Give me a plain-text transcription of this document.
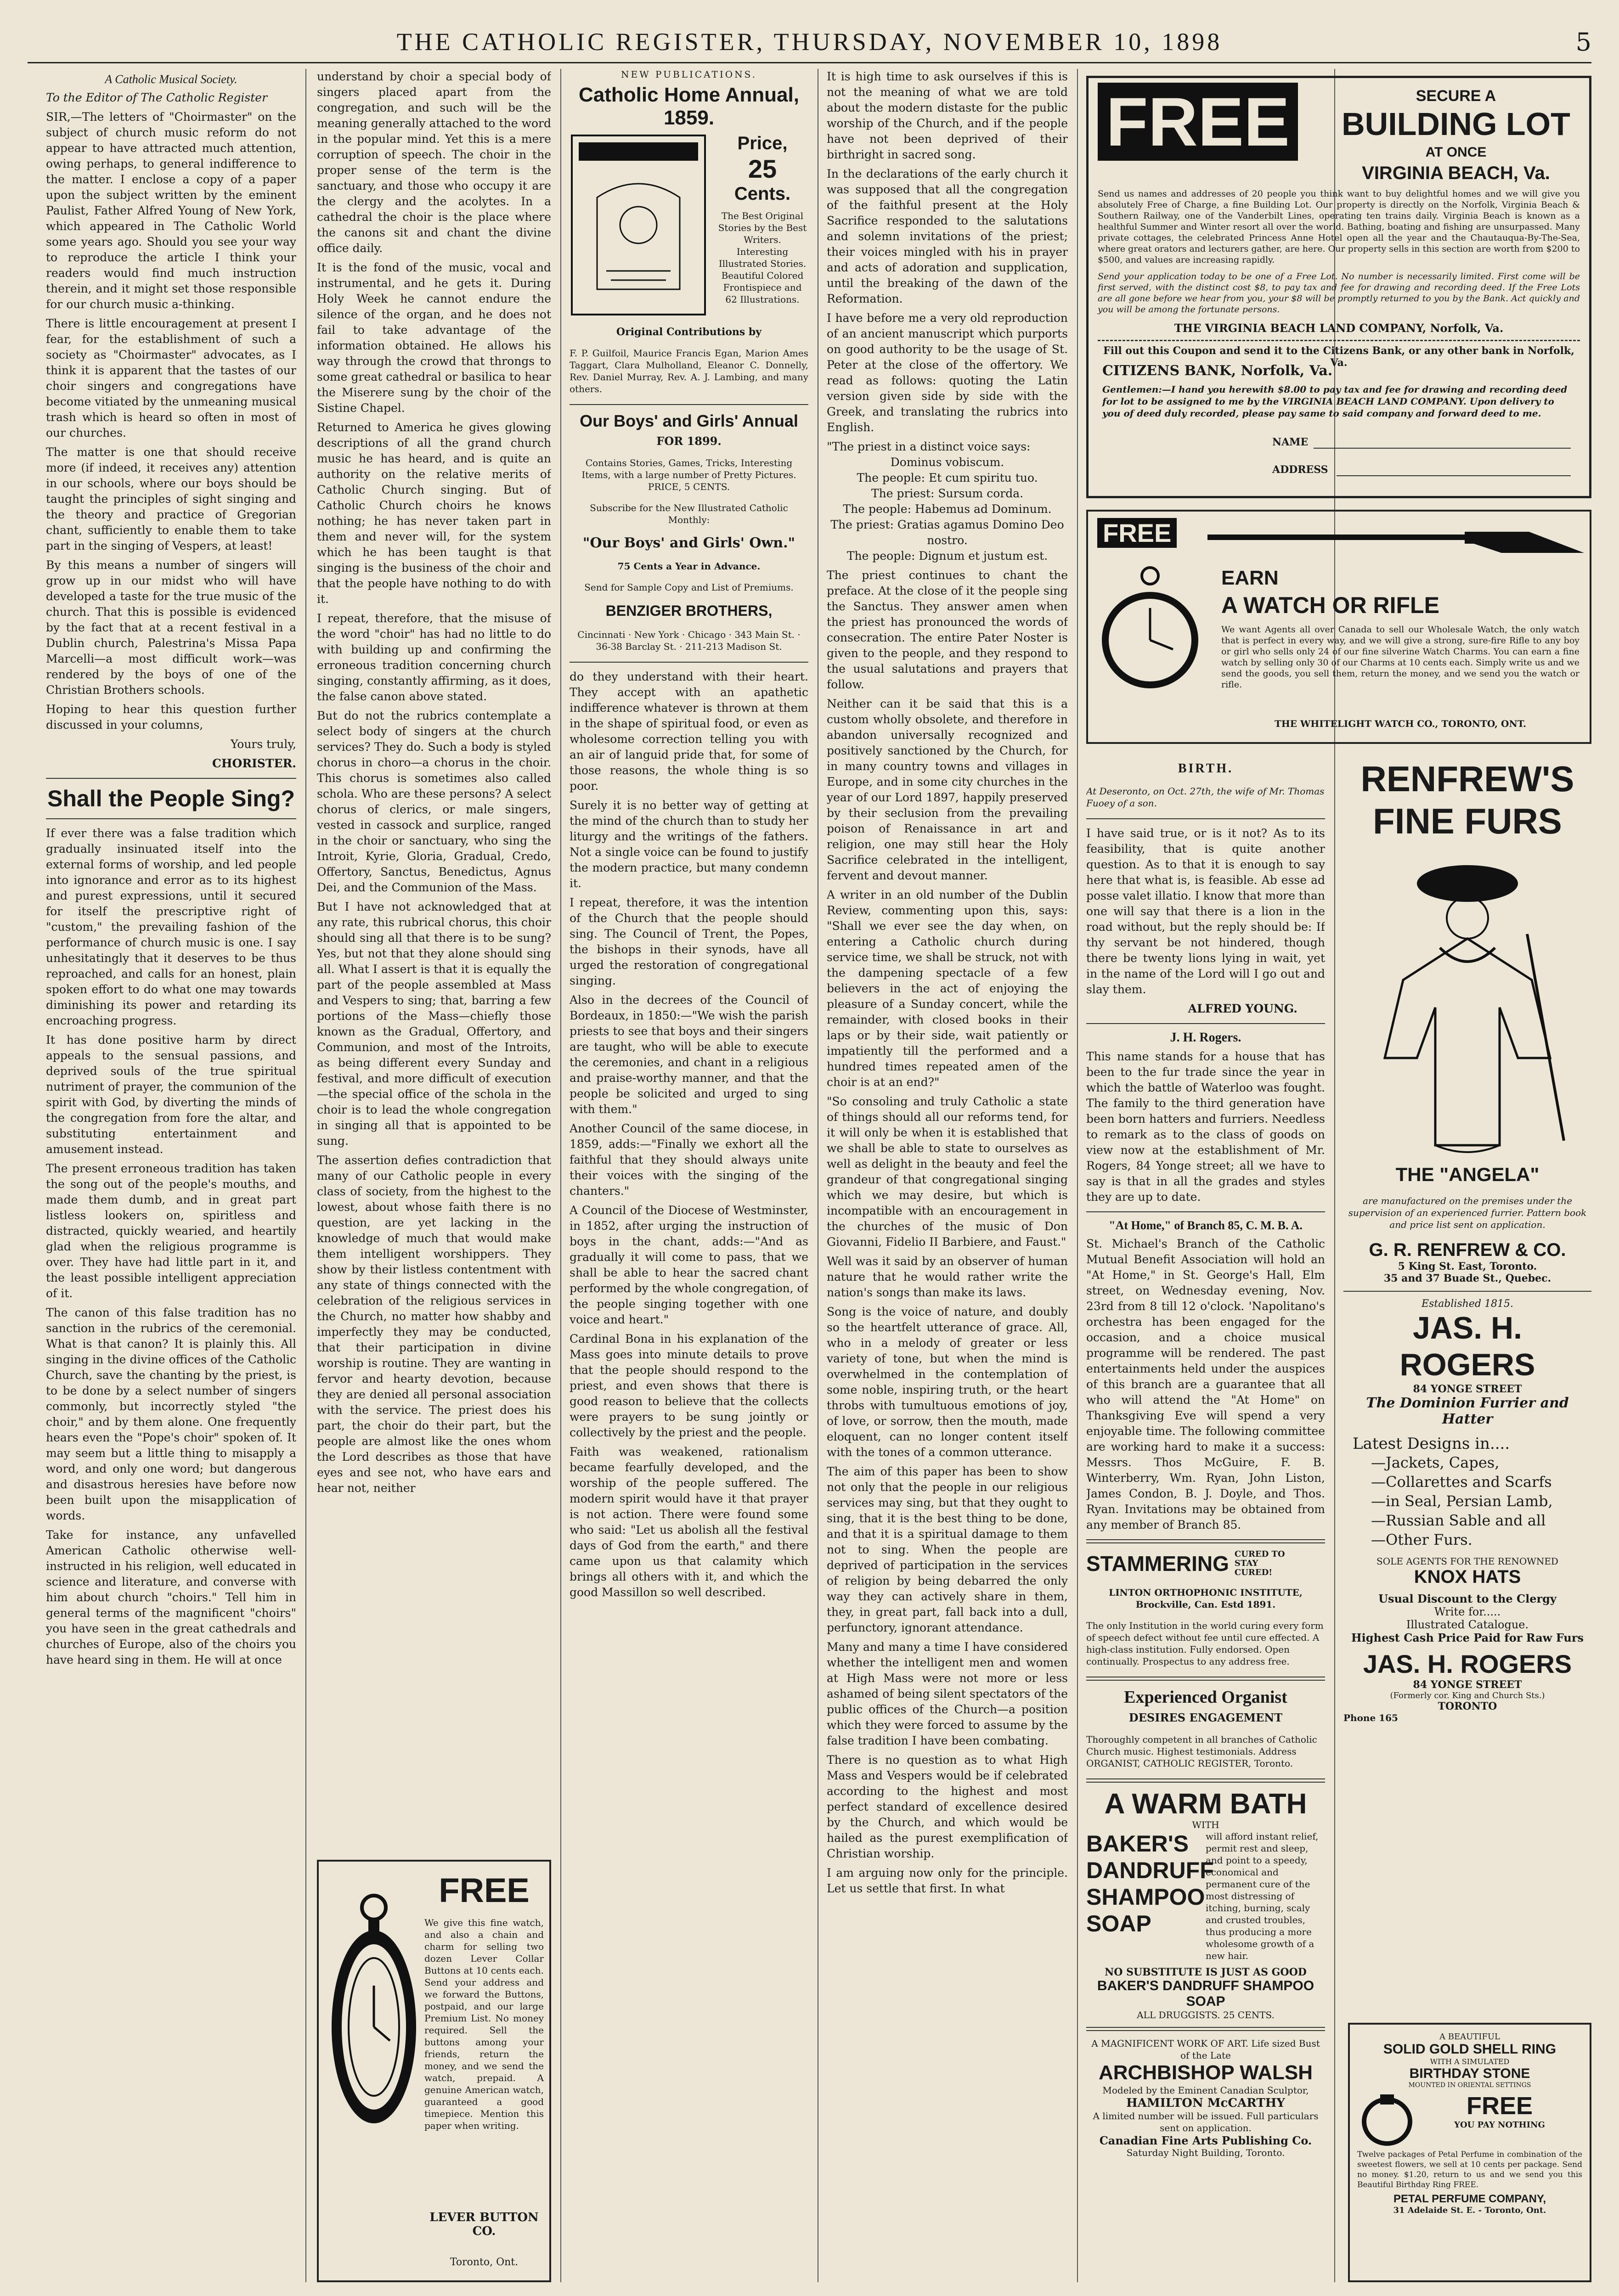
THE CATHOLIC REGISTER, THURSDAY, NOVEMBER 10, 1898	5
A Catholic Musical Society.

To the Editor of The Catholic Register

SIR,—The letters of "Choirmaster" on the subject of church music reform do not appear to have attracted much attention, owing perhaps, to general indifference to the matter. I enclose a copy of a paper upon the subject written by the eminent Paulist, Father Alfred Young of New York, which appeared in The Catholic World some years ago. Should you see your way to reproduce the article I think your readers would find much instruction therein, and it might set those responsible for our church music a-thinking.

There is little encouragement at present I fear, for the establishment of such a society as "Choirmaster" advocates, as I think it is apparent that the tastes of our choir singers and congregations have become vitiated by the unmeaning musical trash which is heard so often in most of our churches.

The matter is one that should receive more (if indeed, it receives any) attention in our schools, where our boys should be taught the principles of sight singing and the theory and practice of Gregorian chant, sufficiently to enable them to take part in the singing of Vespers, at least!

By this means a number of singers will grow up in our midst who will have developed a taste for the true music of the church. That this is possible is evidenced by the fact that at a recent festival in a Dublin church, Palestrina's Missa Papa Marcelli—a most difficult work—was rendered by the boys of one of the Christian Brothers schools.

Hoping to hear this question further discussed in your columns,

Yours truly,

CHORISTER.

Shall the People Sing?

If ever there was a false tradition which gradually insinuated itself into the external forms of worship, and led people into ignorance and error as to its highest and purest expressions, until it secured for itself the prescriptive right of "custom," the prevailing fashion of the performance of church music is one. I say unhesitatingly that it deserves to be thus reproached, and calls for an honest, plain spoken effort to do what one may towards diminishing its power and retarding its encroaching progress.

It has done positive harm by direct appeals to the sensual passions, and deprived souls of the true spiritual nutriment of prayer, the communion of the spirit with God, by diverting the minds of the congregation from fore the altar, and substituting entertainment and amusement instead.

The present erroneous tradition has taken the song out of the people's mouths, and made them dumb, and in great part listless lookers on, spiritless and distracted, quickly wearied, and heartily glad when the religious programme is over. They have had little part in it, and the least possible intelligent appreciation of it.

The canon of this false tradition has no sanction in the rubrics of the ceremonial. What is that canon? It is plainly this. All singing in the divine offices of the Catholic Church, save the chanting by the priest, is to be done by a select number of singers commonly, but incorrectly styled "the choir," and by them alone. One frequently hears even the "Pope's choir" spoken of. It may seem but a little thing to misapply a word, and only one word; but dangerous and disastrous heresies have before now been built upon the misapplication of words.

Take for instance, any unfavelled American Catholic otherwise well-instructed in his religion, well educated in science and literature, and converse with him about church "choirs." Tell him in general terms of the magnificent "choirs" you have seen in the great cathedrals and churches of Europe, also of the choirs you have heard sing in them. He will at once

understand by choir a special body of singers placed apart from the congregation, and such will be the meaning generally attached to the word in the popular mind. Yet this is a mere corruption of speech. The choir in the proper sense of the term is the sanctuary, and those who occupy it are the clergy and the acolytes. In a cathedral the choir is the place where the canons sit and chant the divine office daily.

It is the fond of the music, vocal and instrumental, and he gets it. During Holy Week he cannot endure the silence of the organ, and he does not fail to take advantage of the information obtained. He allows his way through the crowd that throngs to some great cathedral or basilica to hear the Miserere sung by the choir of the Sistine Chapel.

Returned to America he gives glowing descriptions of all the grand church music he has heard, and is quite an authority on the relative merits of Catholic Church singing. But of Catholic Church choirs he knows nothing; he has never taken part in them and never will, for the system which he has been taught is that singing is the business of the choir and that the people have nothing to do with it.

I repeat, therefore, that the misuse of the word "choir" has had no little to do with building up and confirming the erroneous tradition concerning church singing, constantly affirming, as it does, the false canon above stated.

But do not the rubrics contemplate a select body of singers at the church services? They do. Such a body is styled chorus in choro—a chorus in the choir. This chorus is sometimes also called schola. Who are these persons? A select chorus of clerics, or male singers, vested in cassock and surplice, ranged in the choir or sanctuary, who sing the Introit, Kyrie, Gloria, Gradual, Credo, Offertory, Sanctus, Benedictus, Agnus Dei, and the Communion of the Mass.

But I have not acknowledged that at any rate, this rubrical chorus, this choir should sing all that there is to be sung? Yes, but not that they alone should sing all. What I assert is that it is equally the part of the people assembled at Mass and Vespers to sing; that, barring a few portions of the Mass—chiefly those known as the Gradual, Offertory, and Communion, and most of the Introits, as being different every Sunday and festival, and more difficult of execution—the special office of the schola in the choir is to lead the whole congregation in singing all that is appointed to be sung.

The assertion defies contradiction that many of our Catholic people in every class of society, from the highest to the lowest, about whose faith there is no question, are yet lacking in the knowledge of much that would make them intelligent worshippers. They show by their listless contentment with any state of things connected with the celebration of the religious services in the Church, no matter how shabby and imperfectly they may be conducted, that their participation in divine worship is routine. They are wanting in fervor and hearty devotion, because they are denied all personal association with the service. The priest does his part, the choir do their part, but the people are almost like the ones whom the Lord describes as those that have eyes and see not, who have ears and hear not, neither

FREE

We give this fine watch, and also a chain and charm for selling two dozen Lever Collar Buttons at 10 cents each. Send your address and we forward the Buttons, postpaid, and our large Premium List. No money required. Sell the buttons among your friends, return the money, and we send the watch, prepaid. A genuine American watch, guaranteed a good timepiece. Mention this paper when writing.

LEVER BUTTON CO.
Toronto, Ont.
NEW PUBLICATIONS.
Catholic Home Annual, 1859.
Price,
25
Cents.

The Best Original Stories by the Best Writers. Interesting Illustrated Stories. Beautiful Colored Frontispiece and 62 Illustrations.

Original Contributions by

F. P. Guilfoil, Maurice Francis Egan, Marion Ames Taggart, Clara Mulholland, Eleanor C. Donnelly, Rev. Daniel Murray, Rev. A. J. Lambing, and many others.

Our Boys' and Girls' Annual
FOR 1899.

Contains Stories, Games, Tricks, Interesting Items, with a large number of Pretty Pictures. PRICE, 5 CENTS.

Subscribe for the New Illustrated Catholic Monthly:

"Our Boys' and Girls' Own."

75 Cents a Year in Advance.

Send for Sample Copy and List of Premiums.

BENZIGER BROTHERS,

Cincinnati · New York · Chicago · 343 Main St. · 36-38 Barclay St. · 211-213 Madison St.

do they understand with their heart. They accept with an apathetic indifference whatever is thrown at them in the shape of spiritual food, or even as wholesome correction telling you with an air of languid pride that, for some of those reasons, the whole thing is so poor.

Surely it is no better way of getting at the mind of the church than to study her liturgy and the writings of the fathers. Not a single voice can be found to justify the modern practice, but many condemn it.

I repeat, therefore, it was the intention of the Church that the people should sing. The Council of Trent, the Popes, the bishops in their synods, have all urged the restoration of congregational singing.

Also in the decrees of the Council of Bordeaux, in 1850:—"We wish the parish priests to see that boys and their singers are taught, who will be able to execute the ceremonies, and chant in a religious and praise-worthy manner, and that the people be solicited and urged to sing with them."

Another Council of the same diocese, in 1859, adds:—"Finally we exhort all the faithful that they should always unite their voices with the singing of the chanters."

A Council of the Diocese of Westminster, in 1852, after urging the instruction of boys in the chant, adds:—"And as gradually it will come to pass, that we shall be able to hear the sacred chant performed by the whole congregation, of the people singing together with one voice and heart."

Cardinal Bona in his explanation of the Mass goes into minute details to prove that the people should respond to the priest, and even shows that there is good reason to believe that the collects were prayers to be sung jointly or collectively by the priest and the people.

Faith was weakened, rationalism became fearfully developed, and the worship of the people suffered. The modern spirit would have it that prayer is not action. There were found some who said: "Let us abolish all the festival days of God from the earth," and there came upon us that calamity which brings all others with it, and which the good Massillon so well described.

It is high time to ask ourselves if this is not the meaning of what we are told about the modern distaste for the public worship of the Church, and if the people have not been deprived of their birthright in sacred song.

In the declarations of the early church it was supposed that all the congregation of the faithful present at the Holy Sacrifice responded to the salutations and solemn invitations of the priest; their voices mingled with his in prayer and acts of adoration and supplication, until the breaking of the dawn of the Reformation.

I have before me a very old reproduction of an ancient manuscript which purports on good authority to be the usage of St. Peter at the close of the offertory. We read as follows: quoting the Latin version given side by side with the Greek, and translating the rubrics into English.

"The priest in a distinct voice says:

Dominus vobiscum.

The people: Et cum spiritu tuo.

The priest: Sursum corda.

The people: Habemus ad Dominum.

The priest: Gratias agamus Domino Deo nostro.

The people: Dignum et justum est.

The priest continues to chant the preface. At the close of it the people sing the Sanctus. They answer amen when the priest has pronounced the words of consecration. The entire Pater Noster is given to the people, and they respond to the usual salutations and prayers that follow.

Neither can it be said that this is a custom wholly obsolete, and therefore in abandon universally recognized and positively sanctioned by the Church, for in many country towns and villages in Europe, and in some city churches in the year of our Lord 1897, happily preserved by their seclusion from the prevailing poison of Renaissance in art and religion, one may still hear the Holy Sacrifice celebrated in the intelligent, fervent and devout manner.

A writer in an old number of the Dublin Review, commenting upon this, says: "Shall we ever see the day when, on entering a Catholic church during service time, we shall be struck, not with the dampening spectacle of a few believers in the act of enjoying the pleasure of a Sunday concert, while the remainder, with closed books in their laps or by their side, wait patiently or impatiently till the performed and a hundred times repeated amen of the choir is at an end?"

"So consoling and truly Catholic a state of things should all our reforms tend, for it will only be when it is established that we shall be able to state to ourselves as well as delight in the beauty and feel the grandeur of that congregational singing which we may desire, but which is incompatible with an encouragement in the churches of the music of Don Giovanni, Fidelio II Barbiere, and Faust."

Well was it said by an observer of human nature that he would rather write the nation's songs than make its laws.

Song is the voice of nature, and doubly so the heartfelt utterance of grace. All, who in a melody of greater or less variety of tone, but when the mind is overwhelmed in the contemplation of some noble, inspiring truth, or the heart throbs with tumultuous emotions of joy, of love, or sorrow, then the mouth, made eloquent, can no longer content itself with the tones of a common utterance.

The aim of this paper has been to show not only that the people in our religious services may sing, but that they ought to sing, that it is the best thing to be done, and that it is a spiritual damage to them not to sing. When the people are deprived of participation in the services of religion by being debarred the only way they can actively share in them, they, in great part, fall back into a dull, perfunctory, ignorant attendance.

Many and many a time I have considered whether the intelligent men and women at High Mass were not more or less ashamed of being silent spectators of the public offices of the Church—a position which they were forced to assume by the false tradition I have been combating.

There is no question as to what High Mass and Vespers would be if celebrated according to the highest and most perfect standard of excellence desired by the Church, and which would be hailed as the purest exemplification of Christian worship.

I am arguing now only for the principle. Let us settle that first. In what

FREE	SECURE A
BUILDING LOT
AT ONCE
VIRGINIA BEACH, Va.

Send us names and addresses of 20 people you think want to buy delightful homes and we will give you absolutely Free of Charge, a fine Building Lot. Our property is directly on the Norfolk, Virginia Beach & Southern Railway, one of the Vanderbilt Lines, operating ten trains daily. Virginia Beach is known as a healthful Summer and Winter resort all over the world. Bathing, boating and fishing are unsurpassed. Many private cottages, the celebrated Princess Anne Hotel open all the year and the Chautauqua-By-The-Sea, where great orators and lecturers gather, are here. Our property sells in this section are worth from $200 to $500, and values are increasing rapidly.

Send your application today to be one of a Free Lot. No number is necessarily limited. First come will be first served, with the distinct cost $8, to pay tax and fee for drawing and recording deed. If the Free Lots are all gone before we hear from you, your $8 will be promptly returned to you by the Bank. Act quickly and you will be among the fortunate persons.

THE VIRGINIA BEACH LAND COMPANY, Norfolk, Va.
Fill out this Coupon and send it to the Citizens Bank, or any other bank in Norfolk, Va.
CITIZENS BANK, Norfolk, Va.

Gentlemen:—I hand you herewith $8.00 to pay tax and fee for drawing and recording deed for lot to be assigned to me by the VIRGINIA BEACH LAND COMPANY. Upon delivery to you of deed duly recorded, please pay same to said company and forward deed to me.

NAME
ADDRESS
FREE
EARN
A WATCH OR RIFLE

We want Agents all over Canada to sell our Wholesale Watch, the only watch that is perfect in every way, and we will give a strong, sure-fire Rifle to any boy or girl who sells only 24 of our fine silverine Watch Charms. You can earn a fine watch by selling only 30 of our Charms at 10 cents each. Simply write us and we send the goods, you sell them, return the money, and we send you the watch or rifle.

THE WHITELIGHT WATCH CO., TORONTO, ONT.
BIRTH.

At Deseronto, on Oct. 27th, the wife of Mr. Thomas Fuoey of a son.

I have said true, or is it not? As to its feasibility, that is quite another question. As to that it is enough to say here that what is, is feasible. Ab esse ad posse valet illatio. I know that more than one will say that there is a lion in the road without, but the reply should be: If thy servant be not hindered, though there be twenty lions lying in wait, yet in the name of the Lord will I go out and slay them.

ALFRED YOUNG.

J. H. Rogers.

This name stands for a house that has been to the fur trade since the year in which the battle of Waterloo was fought. The family to the third generation have been born hatters and furriers. Needless to remark as to the class of goods on view now at the establishment of Mr. Rogers, 84 Yonge street; all we have to say is that in all the grades and styles they are up to date.

"At Home," of Branch 85, C. M. B. A.

St. Michael's Branch of the Catholic Mutual Benefit Association will hold an "At Home," in St. George's Hall, Elm street, on Wednesday evening, Nov. 23rd from 8 till 12 o'clock. 'Napolitano's orchestra has been engaged for the occasion, and a choice musical programme will be rendered. The past entertainments held under the auspices of this branch are a guarantee that all who will attend the "At Home" on Thanksgiving Eve will spend a very enjoyable time. The following committee are working hard to make it a success: Messrs. Thos McGuire, F. B. Winterberry, Wm. Ryan, John Liston, James Condon, B. J. Doyle, and Thos. Ryan. Invitations may be obtained from any member of Branch 85.

STAMMERING CURED TO STAY CURED!

LINTON ORTHOPHONIC INSTITUTE, Brockville, Can. Estd 1891.

The only Institution in the world curing every form of speech defect without fee until cure effected. A high-class institution. Fully endorsed. Open continually. Prospectus to any address free.

Experienced Organist
DESIRES ENGAGEMENT

Thoroughly competent in all branches of Catholic Church music. Highest testimonials. Address ORGANIST, CATHOLIC REGISTER, Toronto.

A WARM BATH
WITH
BAKER'S DANDRUFF SHAMPOO SOAP

will afford instant relief, permit rest and sleep, and point to a speedy, economical and permanent cure of the most distressing of itching, burning, scaly and crusted troubles, thus producing a more wholesome growth of a new hair.

NO SUBSTITUTE IS JUST AS GOOD
BAKER'S DANDRUFF SHAMPOO SOAP
ALL DRUGGISTS. 25 CENTS.

A MAGNIFICENT WORK OF ART. Life sized Bust of the Late

ARCHBISHOP WALSH

Modeled by the Eminent Canadian Sculptor,

HAMILTON McCARTHY

A limited number will be issued. Full particulars sent on application.

Canadian Fine Arts Publishing Co.
Saturday Night Building, Toronto.
RENFREW'S FINE FURS
THE "ANGELA"

are manufactured on the premises under the supervision of an experienced furrier. Pattern book and price list sent on application.

G. R. RENFREW & CO.
5 King St. East, Toronto.
35 and 37 Buade St., Quebec.
Established 1815.
JAS. H. ROGERS
84 YONGE STREET
The Dominion Furrier and Hatter
Latest Designs in....
—Jackets, Capes,
—Collarettes and Scarfs
—in Seal, Persian Lamb,
—Russian Sable and all
—Other Furs.
SOLE AGENTS FOR THE RENOWNED
KNOX HATS
Usual Discount to the Clergy
Write for.....
Illustrated Catalogue.
Highest Cash Price Paid for Raw Furs
JAS. H. ROGERS
84 YONGE STREET
(Formerly cor. King and Church Sts.)
TORONTO
Phone 165
A BEAUTIFUL
SOLID GOLD SHELL RING
WITH A SIMULATED
BIRTHDAY STONE
MOUNTED IN ORIENTAL SETTINGS
FREE
YOU PAY NOTHING

Twelve packages of Petal Perfume in combination of the sweetest flowers, we sell at 10 cents per package. Send no money. $1.20, return to us and we send you this Beautiful Birthday Ring FREE.

PETAL PERFUME COMPANY,
31 Adelaide St. E. - Toronto, Ont.
